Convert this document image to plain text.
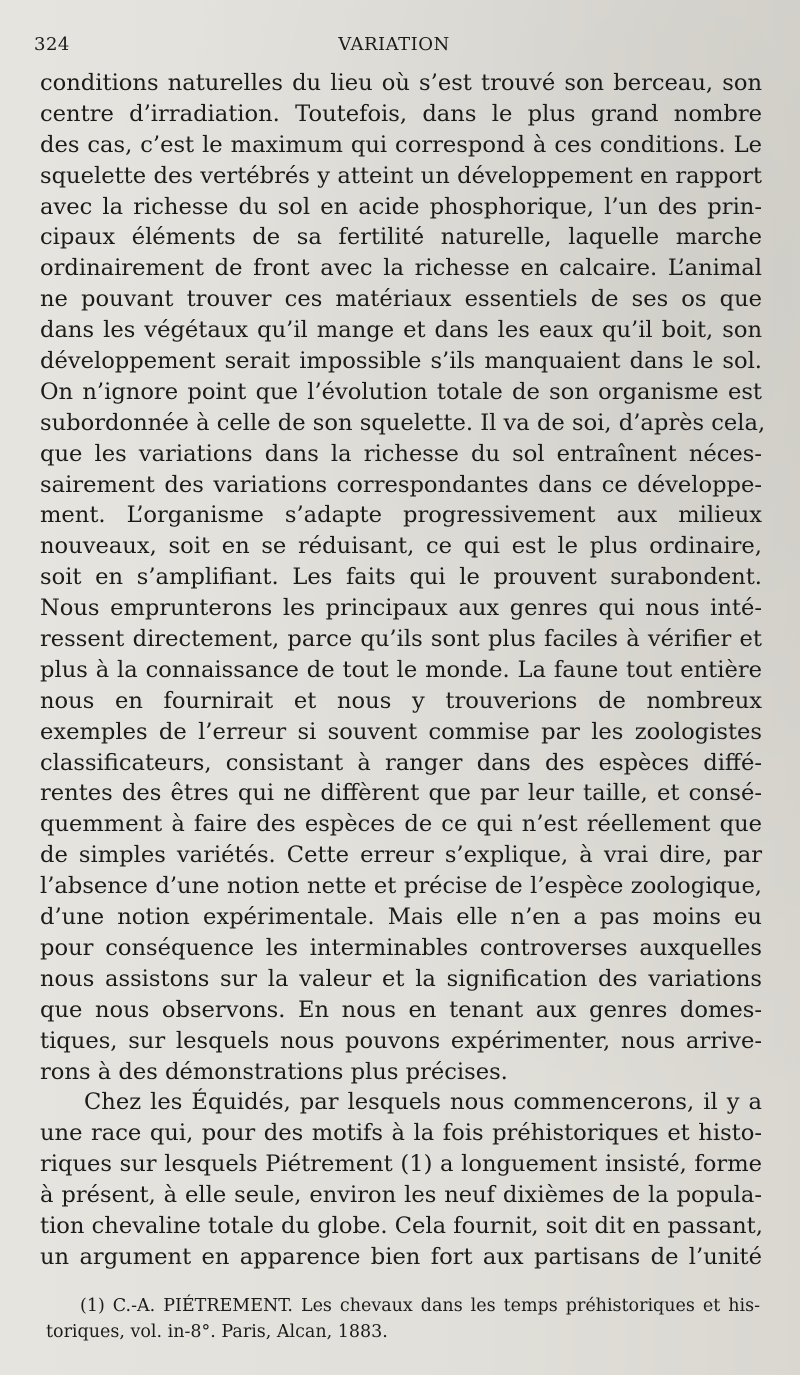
324	VARIATION
conditions naturelles du lieu où s’est trouvé son berceau, son
centre d’irradiation. Toutefois, dans le plus grand nombre
des cas, c’est le maximum qui correspond à ces conditions. Le
squelette des vertébrés y atteint un développement en rapport
avec la richesse du sol en acide phosphorique, l’un des prin-
cipaux éléments de sa fertilité naturelle, laquelle marche
ordinairement de front avec la richesse en calcaire. L’animal
ne pouvant trouver ces matériaux essentiels de ses os que
dans les végétaux qu’il mange et dans les eaux qu’il boit, son
développement serait impossible s’ils manquaient dans le sol.
On n’ignore point que l’évolution totale de son organisme est
subordonnée à celle de son squelette. Il va de soi, d’après cela,
que les variations dans la richesse du sol entraînent néces-
sairement des variations correspondantes dans ce développe-
ment. L’organisme s’adapte progressivement aux milieux
nouveaux, soit en se réduisant, ce qui est le plus ordinaire,
soit en s’amplifiant. Les faits qui le prouvent surabondent.
Nous emprunterons les principaux aux genres qui nous inté-
ressent directement, parce qu’ils sont plus faciles à vérifier et
plus à la connaissance de tout le monde. La faune tout entière
nous en fournirait et nous y trouverions de nombreux
exemples de l’erreur si souvent commise par les zoologistes
classificateurs, consistant à ranger dans des espèces diffé-
rentes des êtres qui ne diffèrent que par leur taille, et consé-
quemment à faire des espèces de ce qui n’est réellement que
de simples variétés. Cette erreur s’explique, à vrai dire, par
l’absence d’une notion nette et précise de l’espèce zoologique,
d’une notion expérimentale. Mais elle n’en a pas moins eu
pour conséquence les interminables controverses auxquelles
nous assistons sur la valeur et la signification des variations
que nous observons. En nous en tenant aux genres domes-
tiques, sur lesquels nous pouvons expérimenter, nous arrive-
rons à des démonstrations plus précises.
Chez les Équidés, par lesquels nous commencerons, il y a
une race qui, pour des motifs à la fois préhistoriques et histo-
riques sur lesquels Piétrement (1) a longuement insisté, forme
à présent, à elle seule, environ les neuf dixièmes de la popula-
tion chevaline totale du globe. Cela fournit, soit dit en passant,
un argument en apparence bien fort aux partisans de l’unité
(1) C.-A. PIÉTREMENT. Les chevaux dans les temps préhistoriques et his-
toriques, vol. in-8°. Paris, Alcan, 1883.
